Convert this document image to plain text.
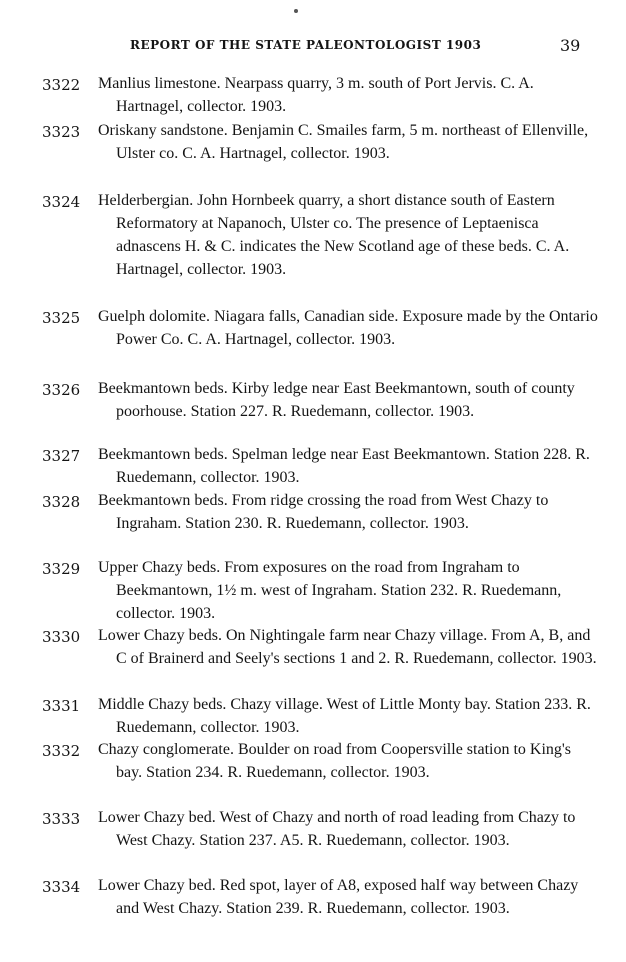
REPORT OF THE STATE PALEONTOLOGIST 1903	39
3322	Manlius limestone. Nearpass quarry, 3 m. south of Port Jervis. C. A. Hartnagel, collector. 1903.
3323	Oriskany sandstone. Benjamin C. Smailes farm, 5 m. northeast of Ellenville, Ulster co. C. A. Hartnagel, collector. 1903.
3324	Helderbergian. John Hornbeek quarry, a short distance south of Eastern Reformatory at Napanoch, Ulster co. The presence of Leptaenisca adnascens H. & C. indicates the New Scotland age of these beds. C. A. Hartnagel, collector. 1903.
3325	Guelph dolomite. Niagara falls, Canadian side. Exposure made by the Ontario Power Co. C. A. Hartnagel, collector. 1903.
3326	Beekmantown beds. Kirby ledge near East Beekmantown, south of county poorhouse. Station 227. R. Ruedemann, collector. 1903.
3327	Beekmantown beds. Spelman ledge near East Beekmantown. Station 228. R. Ruedemann, collector. 1903.
3328	Beekmantown beds. From ridge crossing the road from West Chazy to Ingraham. Station 230. R. Ruedemann, collector. 1903.
3329	Upper Chazy beds. From exposures on the road from Ingraham to Beekmantown, 1½ m. west of Ingraham. Station 232. R. Ruedemann, collector. 1903.
3330	Lower Chazy beds. On Nightingale farm near Chazy village. From A, B, and C of Brainerd and Seely's sections 1 and 2. R. Ruedemann, collector. 1903.
3331	Middle Chazy beds. Chazy village. West of Little Monty bay. Station 233. R. Ruedemann, collector. 1903.
3332	Chazy conglomerate. Boulder on road from Coopersville station to King's bay. Station 234. R. Ruedemann, collector. 1903.
3333	Lower Chazy bed. West of Chazy and north of road leading from Chazy to West Chazy. Station 237. A5. R. Ruedemann, collector. 1903.
3334	Lower Chazy bed. Red spot, layer of A8, exposed half way between Chazy and West Chazy. Station 239. R. Ruedemann, collector. 1903.
